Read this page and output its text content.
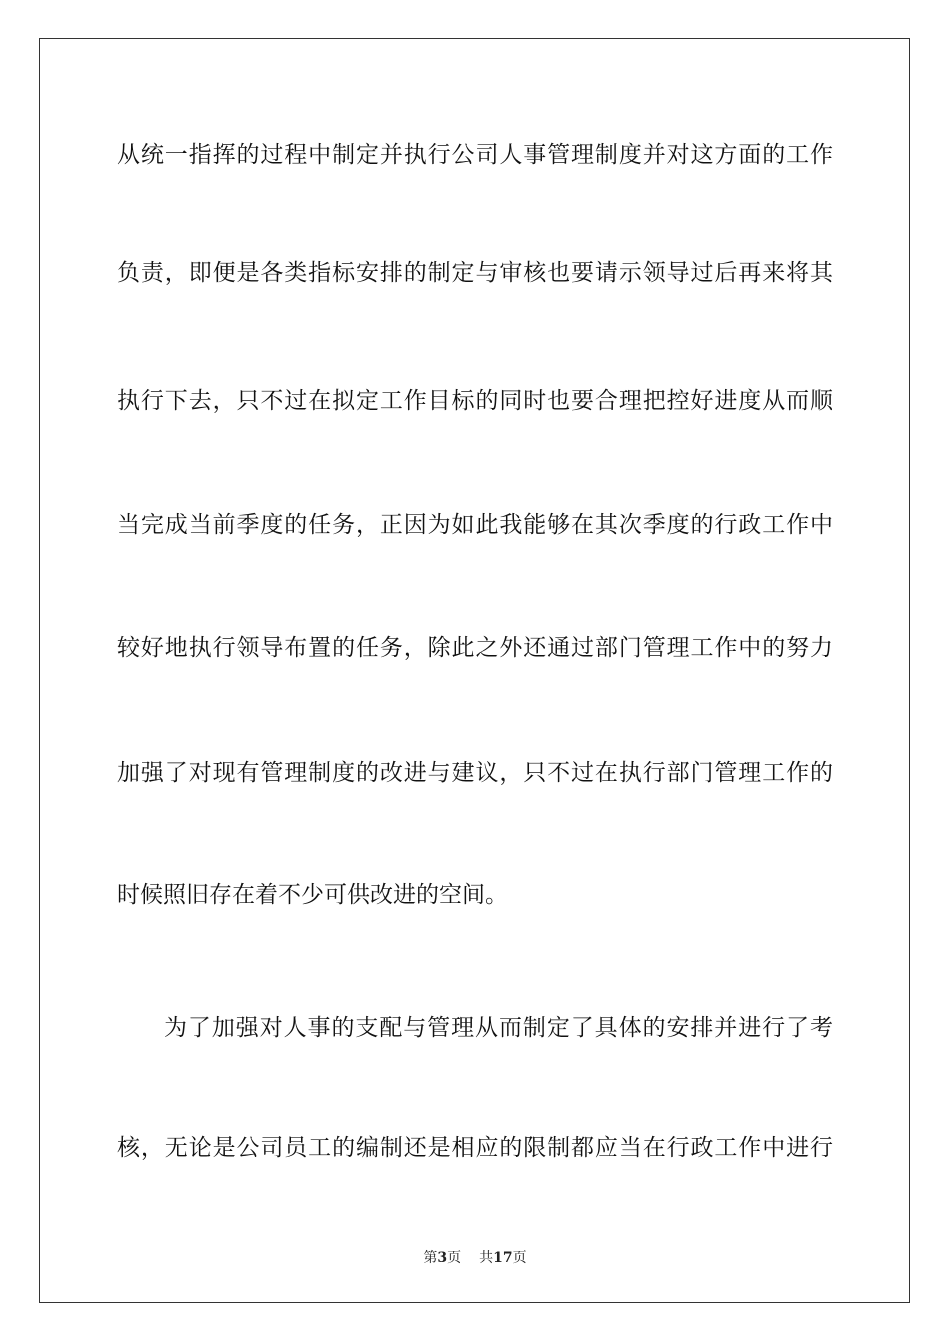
从统一指挥的过程中制定并执行公司人事管理制度并对这方面的工作
负责，即便是各类指标安排的制定与审核也要请示领导过后再来将其
执行下去，只不过在拟定工作目标的同时也要合理把控好进度从而顺
当完成当前季度的任务，正因为如此我能够在其次季度的行政工作中
较好地执行领导布置的任务，除此之外还通过部门管理工作中的努力
加强了对现有管理制度的改进与建议，只不过在执行部门管理工作的
时候照旧存在着不少可供改进的空间。
为了加强对人事的支配与管理从而制定了具体的安排并进行了考
核，无论是公司员工的编制还是相应的限制都应当在行政工作中进行
第3页 共17页
